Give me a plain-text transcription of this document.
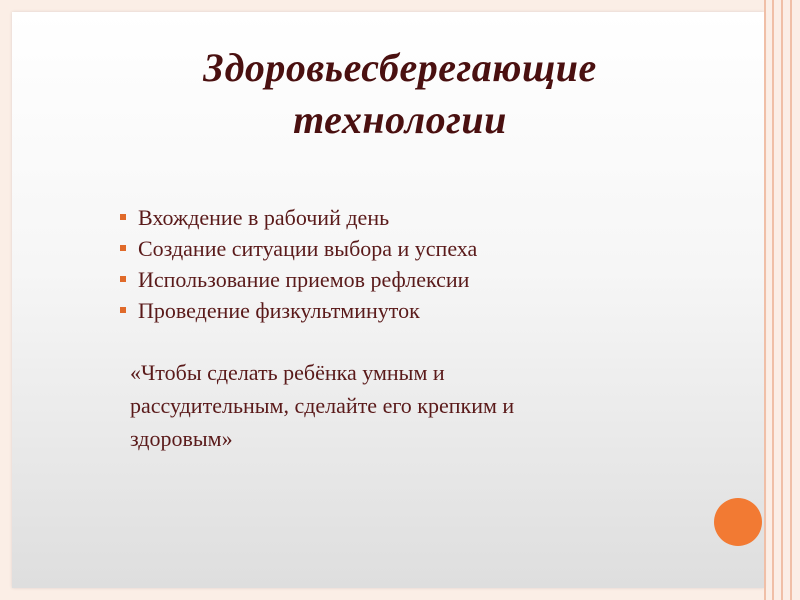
Здоровьесберегающие
технологии
Вхождение в рабочий день
Создание ситуации выбора и успеха
Использование приемов рефлексии
Проведение физкультминуток

«Чтобы сделать ребёнка умным и
рассудительным, сделайте его крепким и
здоровым»
